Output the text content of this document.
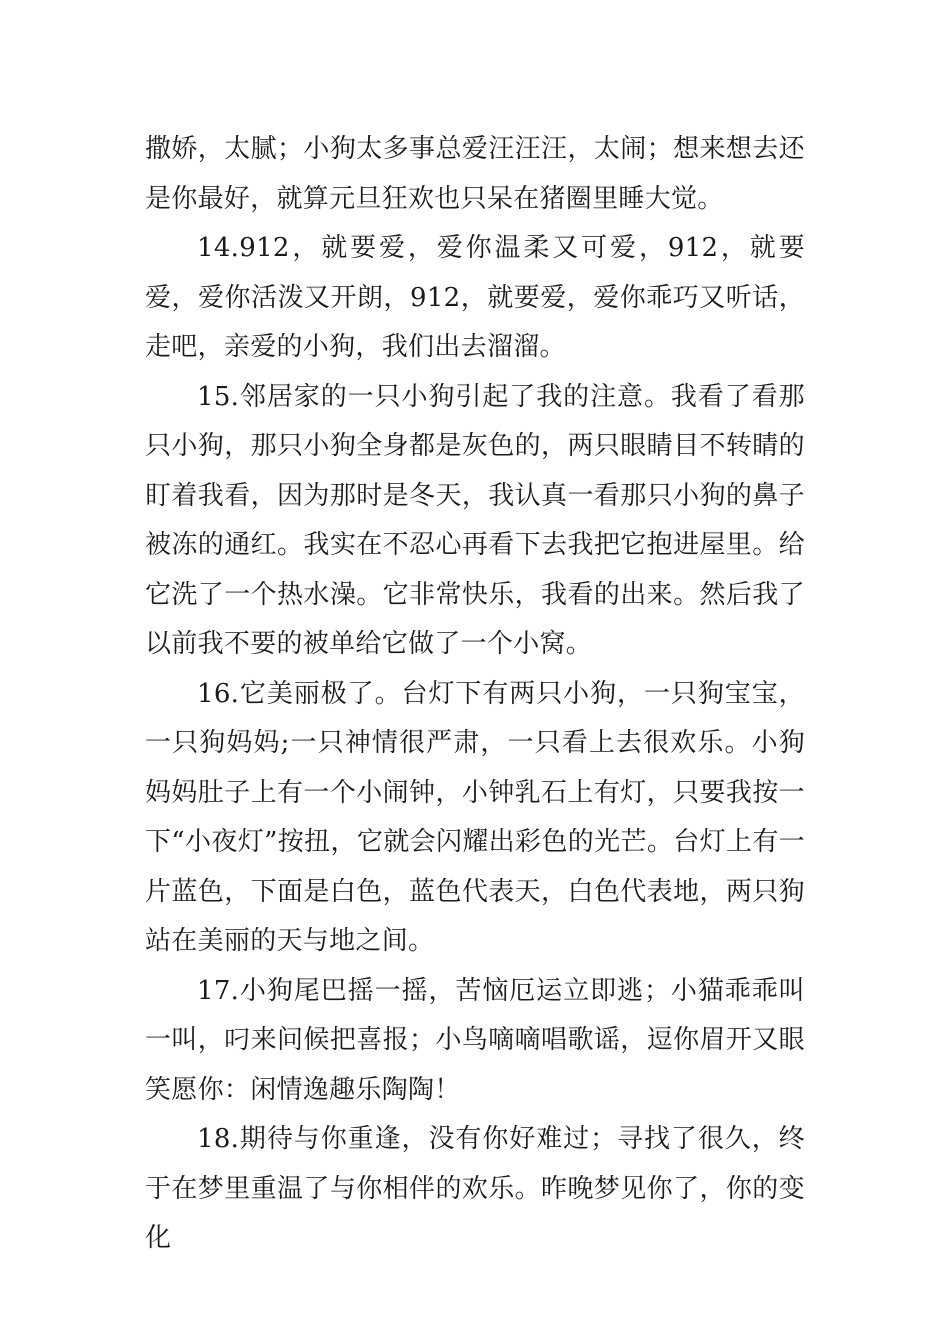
撒娇，太腻；小狗太多事总爱汪汪汪，太闹；想来想去还是你最好，就算元旦狂欢也只呆在猪圈里睡大觉。

14.912，就要爱，爱你温柔又可爱，912，就要爱，爱你活泼又开朗，912，就要爱，爱你乖巧又听话，走吧，亲爱的小狗，我们出去溜溜。

15.邻居家的一只小狗引起了我的注意。我看了看那只小狗，那只小狗全身都是灰色的，两只眼睛目不转睛的盯着我看，因为那时是冬天，我认真一看那只小狗的鼻子被冻的通红。我实在不忍心再看下去我把它抱进屋里。给它洗了一个热水澡。它非常快乐，我看的出来。然后我了以前我不要的被单给它做了一个小窝。

16.它美丽极了。台灯下有两只小狗，一只狗宝宝，一只狗妈妈;一只神情很严肃，一只看上去很欢乐。小狗妈妈肚子上有一个小闹钟，小钟乳石上有灯，只要我按一下“小夜灯”按扭，它就会闪耀出彩色的光芒。台灯上有一片蓝色，下面是白色，蓝色代表天，白色代表地，两只狗站在美丽的天与地之间。

17.小狗尾巴摇一摇，苦恼厄运立即逃；小猫乖乖叫一叫，叼来问候把喜报；小鸟嘀嘀唱歌谣，逗你眉开又眼笑愿你：闲情逸趣乐陶陶！

18.期待与你重逢，没有你好难过；寻找了很久，终于在梦里重温了与你相伴的欢乐。昨晚梦见你了，你的变化
